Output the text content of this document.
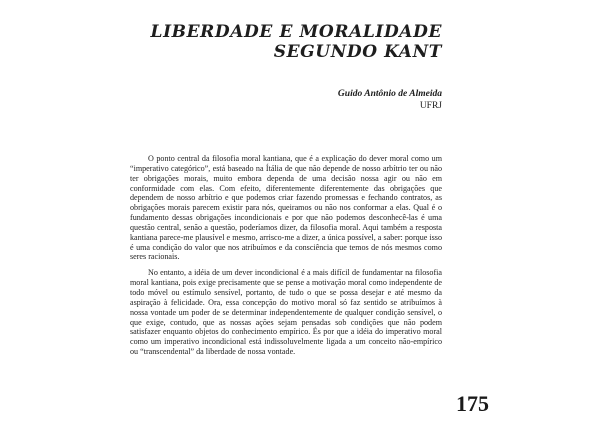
LIBERDADE E MORALIDADE
SEGUNDO KANT
Guido Antônio de Almeida
UFRJ

O ponto central da filosofia moral kantiana, que é a explicação do dever moral como um “imperativo categórico”, está baseado na Ítália de que não depende de nosso arbítrio ter ou não ter obrigações morais, muito embora dependa de uma decisão nossa agir ou não em conformidade com elas. Com efeito, diferentemente diferentemente das obrigações que dependem de nosso arbítrio e que podemos criar fazendo promessas e fechando contratos, as obrigações morais parecem existir para nós, queiramos ou não nos conformar a elas. Qual é o fundamento dessas obrigações incondicionais e por que não podemos desconhecê-las é uma questão central, senão a questão, poderíamos dizer, da filosofia moral. Aqui também a resposta kantiana parece-me plausível e mesmo, arrisco-me a dizer, a única possível, a saber: porque isso é uma condição do valor que nos atribuímos e da consciência que temos de nós mesmos como seres racionais.

No entanto, a idéia de um dever incondicional é a mais difícil de fundamentar na filosofia moral kantiana, pois exige precisamente que se pense a motivação moral como independente de todo móvel ou estímulo sensível, portanto, de tudo o que se possa desejar e até mesmo da aspiração à felicidade. Ora, essa concepção do motivo moral só faz sentido se atribuímos à nossa vontade um poder de se determinar independentemente de qualquer condição sensível, o que exige, contudo, que as nossas ações sejam pensadas sob condições que não podem satisfazer enquanto objetos do conhecimento empírico. És por que a idéia do imperativo moral como um imperativo incondicional está indissoluvelmente ligada a um conceito não-empírico ou “transcendental” da liberdade de nossa vontade.

175
